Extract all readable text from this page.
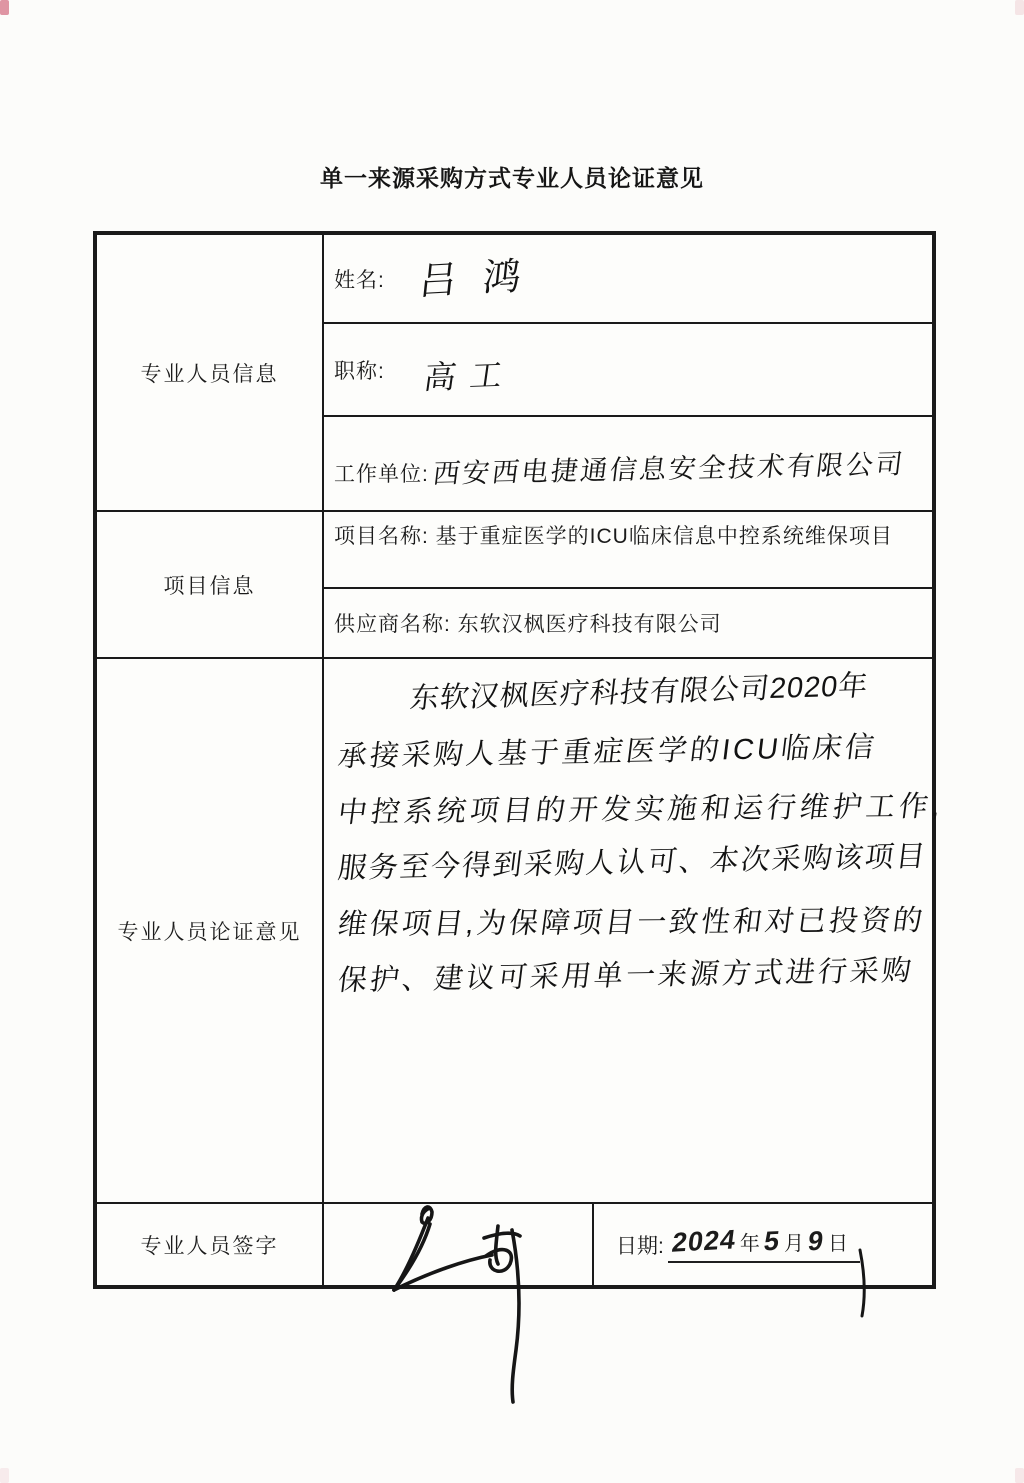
单一来源采购方式专业人员论证意见
专业人员信息
姓名: 吕鸿
职称: 高工
工作单位: 西安西电捷通信息安全技术有限公司
项目信息
项目名称: 基于重症医学的ICU临床信息中控系统维保项目
供应商名称: 东软汉枫医疗科技有限公司
专业人员论证意见
东软汉枫医疗科技有限公司2020年
承接采购人基于重症医学的ICU临床信
中控系统项目的开发实施和运行维护工作,
服务至今得到采购人认可、本次采购该项目
维保项目,为保障项目一致性和对已投资的
保护、建议可采用单一来源方式进行采购
专业人员签字	日期: 2024 年 5 月 9 日
